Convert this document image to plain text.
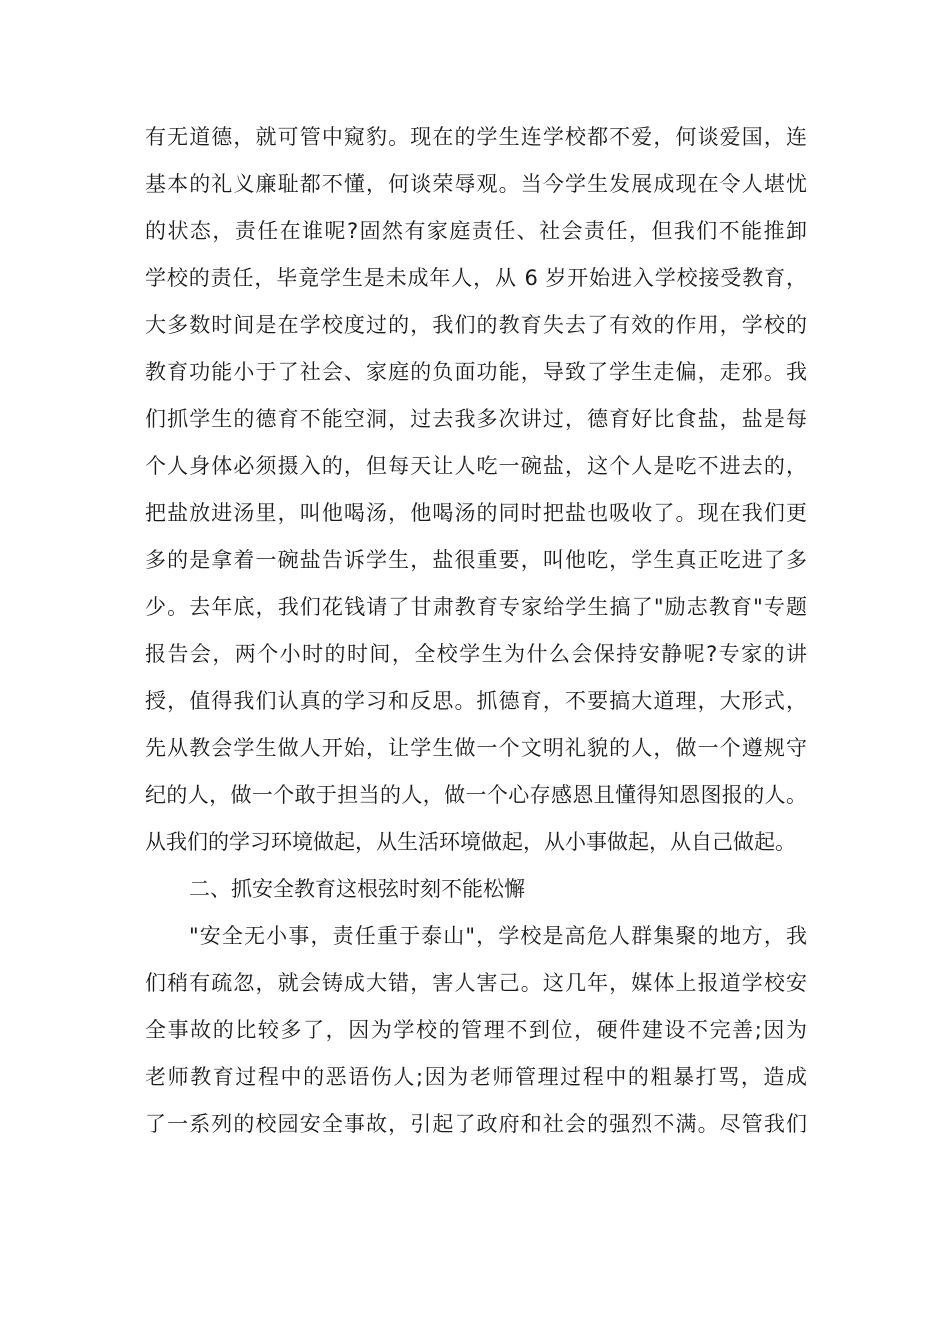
有无道德，就可管中窥豹。现在的学生连学校都不爱，何谈爱国，连
基本的礼义廉耻都不懂，何谈荣辱观。当今学生发展成现在令人堪忧
的状态，责任在谁呢?固然有家庭责任、社会责任，但我们不能推卸
学校的责任，毕竟学生是未成年人，从 6 岁开始进入学校接受教育，
大多数时间是在学校度过的，我们的教育失去了有效的作用，学校的
教育功能小于了社会、家庭的负面功能，导致了学生走偏，走邪。我
们抓学生的德育不能空洞，过去我多次讲过，德育好比食盐，盐是每
个人身体必须摄入的，但每天让人吃一碗盐，这个人是吃不进去的，
把盐放进汤里，叫他喝汤，他喝汤的同时把盐也吸收了。现在我们更
多的是拿着一碗盐告诉学生，盐很重要，叫他吃，学生真正吃进了多
少。去年底，我们花钱请了甘肃教育专家给学生搞了"励志教育"专题
报告会，两个小时的时间，全校学生为什么会保持安静呢?专家的讲
授，值得我们认真的学习和反思。抓德育，不要搞大道理，大形式，
先从教会学生做人开始，让学生做一个文明礼貌的人，做一个遵规守
纪的人，做一个敢于担当的人，做一个心存感恩且懂得知恩图报的人。
从我们的学习环境做起，从生活环境做起，从小事做起，从自己做起。
二、抓安全教育这根弦时刻不能松懈
"安全无小事，责任重于泰山"，学校是高危人群集聚的地方，我
们稍有疏忽，就会铸成大错，害人害己。这几年，媒体上报道学校安
全事故的比较多了，因为学校的管理不到位，硬件建设不完善;因为
老师教育过程中的恶语伤人;因为老师管理过程中的粗暴打骂，造成
了一系列的校园安全事故，引起了政府和社会的强烈不满。尽管我们
